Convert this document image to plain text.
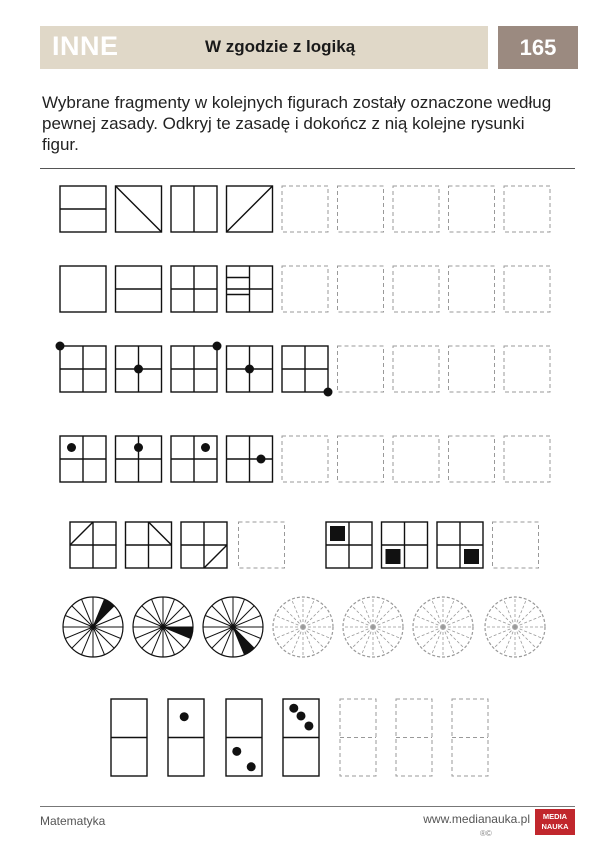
INNE	W zgodzie z logiką	165
Wybrane fragmenty w kolejnych figurach zostały oznaczone według pewnej zasady. Odkryj te zasadę i dokończ z nią kolejne rysunki figur.
Matematyka	www.medianauka.pl
®©
MEDIA
NAUKA
